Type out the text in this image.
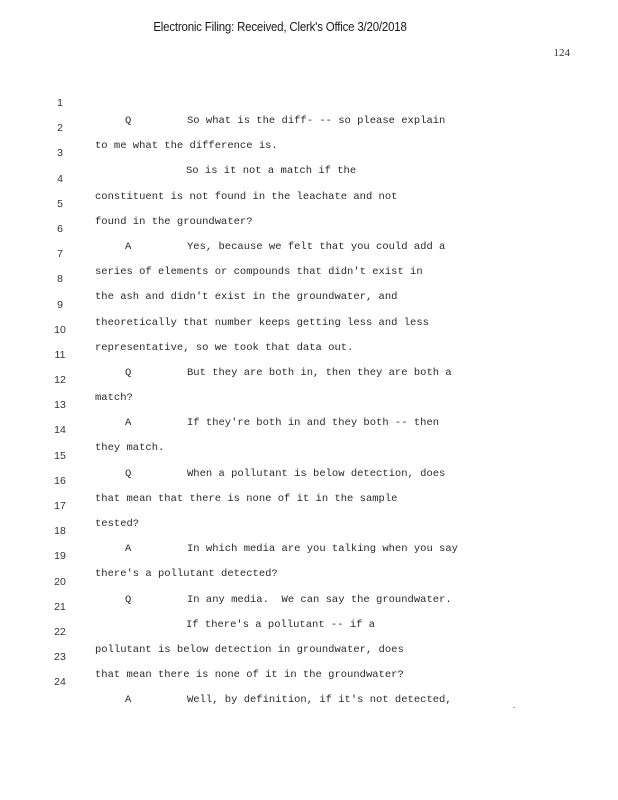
Electronic Filing: Received, Clerk's Office 3/20/2018
124

1

Q	So what is the diff- -- so please explain

2

to me what the difference is.

3

So is it not a match if the

4

constituent is not found in the leachate and not

5

found in the groundwater?

6

A	Yes, because we felt that you could add a

7

series of elements or compounds that didn't exist in

8

the ash and didn't exist in the groundwater, and

9

theoretically that number keeps getting less and less

10

representative, so we took that data out.

11

Q	But they are both in, then they are both a

12

match?

13

A	If they're both in and they both -- then

14

they match.

15

Q	When a pollutant is below detection, does

16

that mean that there is none of it in the sample

17

tested?

18

A	In which media are you talking when you say

19

there's a pollutant detected?

20

Q	In any media.  We can say the groundwater.

21

If there's a pollutant -- if a

22

pollutant is below detection in groundwater, does

23

that mean there is none of it in the groundwater?

24

A	Well, by definition, if it's not detected,
